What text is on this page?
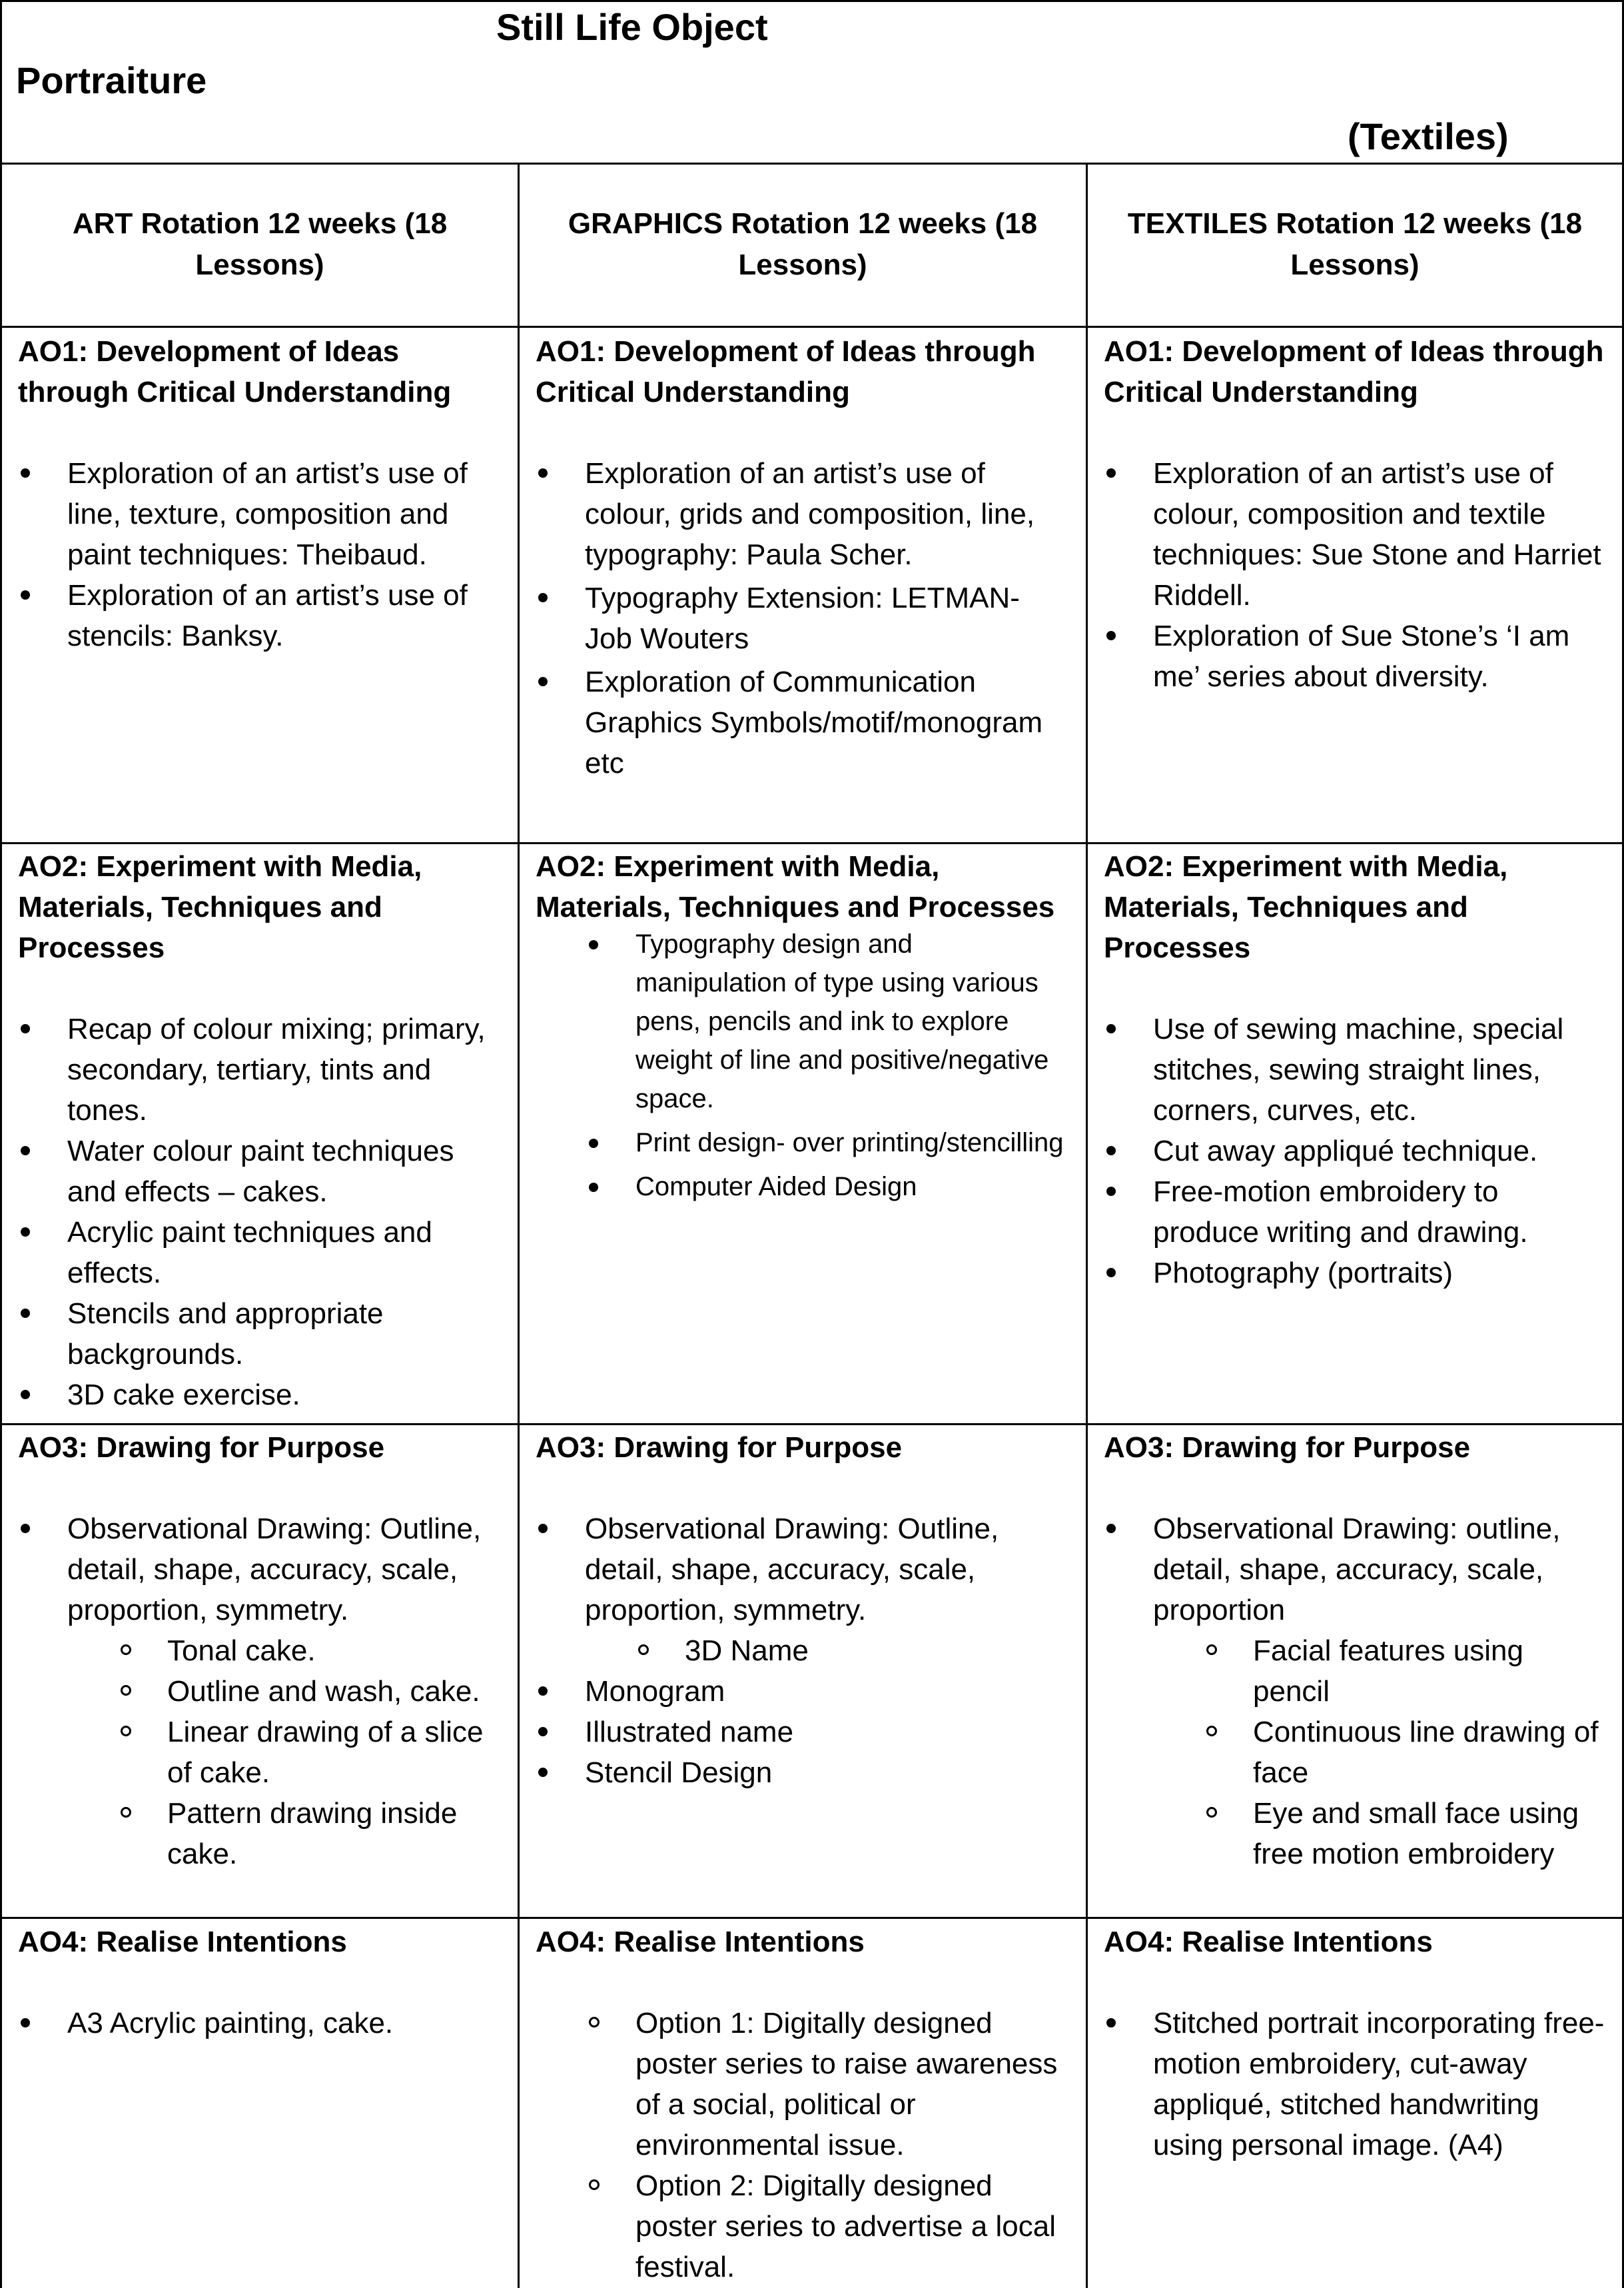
Still Life Object
Portraiture
(Textiles)
ART Rotation 12 weeks (18 Lessons)
GRAPHICS Rotation 12 weeks (18 Lessons)
TEXTILES Rotation 12 weeks (18 Lessons)

AO1: Development of Ideas through Critical Understanding

Exploration of an artist’s use of line, texture, composition and paint techniques: Theibaud.
Exploration of an artist’s use of stencils: Banksy.

AO1: Development of Ideas through Critical Understanding

Exploration of an artist’s use of colour, grids and composition, line, typography: Paula Scher.
Typography Extension: LETMAN- Job Wouters
Exploration of Communication Graphics Symbols/motif/monogram etc

AO1: Development of Ideas through Critical Understanding

Exploration of an artist’s use of colour, composition and textile techniques: Sue Stone and Harriet Riddell.
Exploration of Sue Stone’s ‘I am me’ series about diversity.

AO2: Experiment with Media, Materials, Techniques and Processes

Recap of colour mixing; primary, secondary, tertiary, tints and tones.
Water colour paint techniques and effects – cakes.
Acrylic paint techniques and effects.
Stencils and appropriate backgrounds.
3D cake exercise.

AO2: Experiment with Media, Materials, Techniques and Processes

Typography design and manipulation of type using various pens, pencils and ink to explore weight of line and positive/negative space.
Print design- over printing/stencilling
Computer Aided Design

AO2: Experiment with Media, Materials, Techniques and Processes

Use of sewing machine, special stitches, sewing straight lines, corners, curves, etc.
Cut away appliqué technique.
Free-motion embroidery to produce writing and drawing.
Photography (portraits)

AO3: Drawing for Purpose

Observational Drawing: Outline, detail, shape, accuracy, scale, proportion, symmetry.
Tonal cake.
Outline and wash, cake.
Linear drawing of a slice of cake.
Pattern drawing inside cake.

AO3: Drawing for Purpose

Observational Drawing: Outline, detail, shape, accuracy, scale, proportion, symmetry.
3D Name
Monogram
Illustrated name
Stencil Design

AO3: Drawing for Purpose

Observational Drawing: outline, detail, shape, accuracy, scale, proportion
Facial features using pencil
Continuous line drawing of face
Eye and small face using free motion embroidery

AO4: Realise Intentions

A3 Acrylic painting, cake.

AO4: Realise Intentions

Option 1: Digitally designed poster series to raise awareness of a social, political or environmental issue.
Option 2: Digitally designed poster series to advertise a local festival.

AO4: Realise Intentions

Stitched portrait incorporating free-motion embroidery, cut-away appliqué, stitched handwriting using personal image. (A4)
